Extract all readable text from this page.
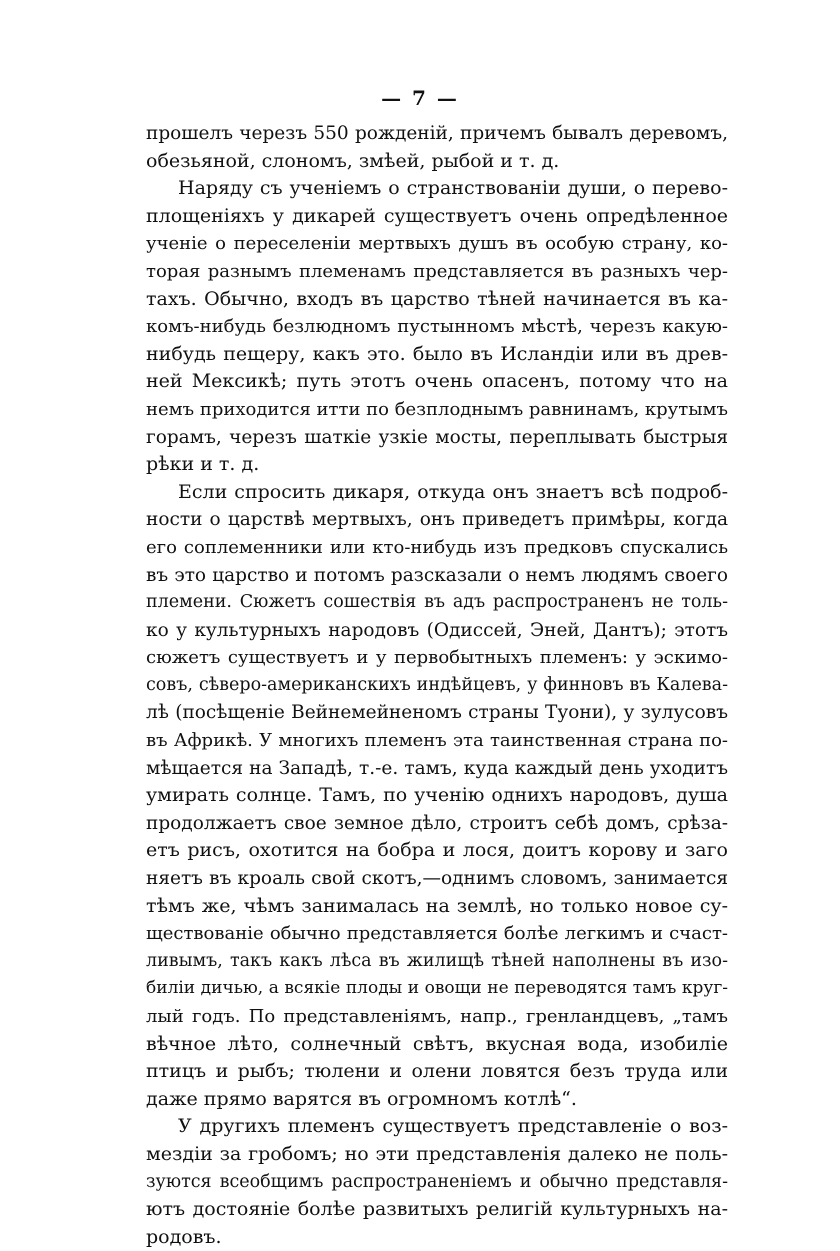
— 7 —
прошелъ черезъ 550 рожденій, причемъ бывалъ деревомъ,
обезьяной, слономъ, змѣей, рыбой и т. д.
Наряду съ ученіемъ о странствованіи души, о перево-
площеніяхъ у дикарей существуетъ очень опредѣленное
ученіе о переселеніи мертвыхъ душъ въ особую страну, ко-
торая разнымъ племенамъ представляется въ разныхъ чер-
тахъ. Обычно, входъ въ царство тѣней начинается въ ка-
комъ-нибудь безлюдномъ пустынномъ мѣстѣ, черезъ какую-
нибудь пещеру, какъ это. было въ Исландіи или въ древ-
ней Мексикѣ; путь этотъ очень опасенъ, потому что на
немъ приходится итти по безплоднымъ равнинамъ, крутымъ
горамъ, черезъ шаткіе узкіе мосты, переплывать быстрыя
рѣки и т. д.
Если спросить дикаря, откуда онъ знаетъ всѣ подроб-
ности о царствѣ мертвыхъ, онъ приведетъ примѣры, когда
его соплеменники или кто-нибудь изъ предковъ спускались
въ это царство и потомъ разсказали о немъ людямъ своего
племени. Сюжетъ сошествія въ адъ распространенъ не толь-
ко у культурныхъ народовъ (Одиссей, Эней, Дантъ); этотъ
сюжетъ существуетъ и у первобытныхъ племенъ: у эскимо-
совъ, сѣверо-американскихъ индѣйцевъ, у финновъ въ Калева-
лѣ (посѣщеніе Вейнемейненомъ страны Туони), у зулусовъ
въ Африкѣ. У многихъ племенъ эта таинственная страна по-
мѣщается на Западѣ, т.-е. тамъ, куда каждый день уходитъ
умирать солнце. Тамъ, по ученію однихъ народовъ, душа
продолжаетъ свое земное дѣло, строитъ себѣ домъ, срѣза-
етъ рисъ, охотится на бобра и лося, доитъ корову и заго
няетъ въ кроаль свой скотъ,—однимъ словомъ, занимается
тѣмъ же, чѣмъ занималась на землѣ, но только новое су-
ществованіе обычно представляется болѣе легкимъ и счаст-
ливымъ, такъ какъ лѣса въ жилищѣ тѣней наполнены въ изо-
биліи дичью, а всякіе плоды и овощи не переводятся тамъ круг-
лый годъ. По представленіямъ, напр., гренландцевъ, „тамъ
вѣчное лѣто, солнечный свѣтъ, вкусная вода, изобиліе
птицъ и рыбъ; тюлени и олени ловятся безъ труда или
даже прямо варятся въ огромномъ котлѣ“.
У другихъ племенъ существуетъ представленіе о воз-
мездіи за гробомъ; но эти представленія далеко не поль-
зуются всеобщимъ распространеніемъ и обычно представля-
ютъ достояніе болѣе развитыхъ религій культурныхъ на-
родовъ.
